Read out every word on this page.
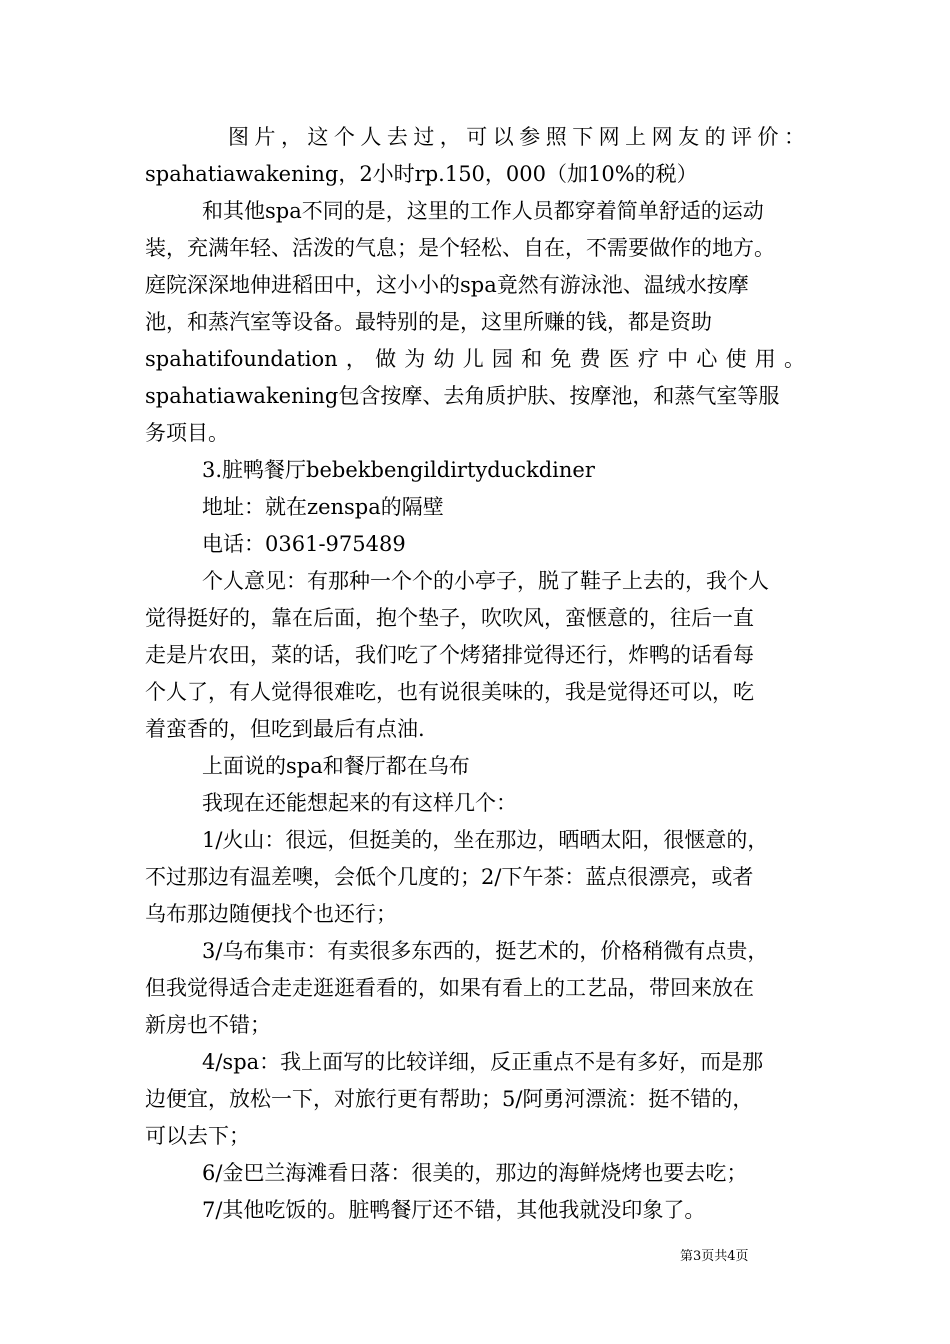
图片，这个人去过，可以参照下网上网友的评价：
spahatiawakening，2小时rp.150，000（加10%的税）
和其他spa不同的是，这里的工作人员都穿着简单舒适的运动
装，充满年轻、活泼的气息；是个轻松、自在，不需要做作的地方。
庭院深深地伸进稻田中，这小小的spa竟然有游泳池、温绒水按摩
池，和蒸汽室等设备。最特别的是，这里所赚的钱，都是资助
spahatifoundation，做为幼儿园和免费医疗中心使用。
spahatiawakening包含按摩、去角质护肤、按摩池，和蒸气室等服
务项目。
3.脏鸭餐厅bebekbengildirtyduckdiner
地址：就在zenspa的隔壁
电话：0361-975489
个人意见：有那种一个个的小亭子，脱了鞋子上去的，我个人
觉得挺好的，靠在后面，抱个垫子，吹吹风，蛮惬意的，往后一直
走是片农田，菜的话，我们吃了个烤猪排觉得还行，炸鸭的话看每
个人了，有人觉得很难吃，也有说很美味的，我是觉得还可以，吃
着蛮香的，但吃到最后有点油.
上面说的spa和餐厅都在乌布
我现在还能想起来的有这样几个：
1/火山：很远，但挺美的，坐在那边，晒晒太阳，很惬意的，
不过那边有温差噢，会低个几度的；2/下午茶：蓝点很漂亮，或者
乌布那边随便找个也还行；
3/乌布集市：有卖很多东西的，挺艺术的，价格稍微有点贵，
但我觉得适合走走逛逛看看的，如果有看上的工艺品，带回来放在
新房也不错；
4/spa：我上面写的比较详细，反正重点不是有多好，而是那
边便宜，放松一下，对旅行更有帮助；5/阿勇河漂流：挺不错的，
可以去下；
6/金巴兰海滩看日落：很美的，那边的海鲜烧烤也要去吃；
7/其他吃饭的。脏鸭餐厅还不错，其他我就没印象了。
第3页共4页
